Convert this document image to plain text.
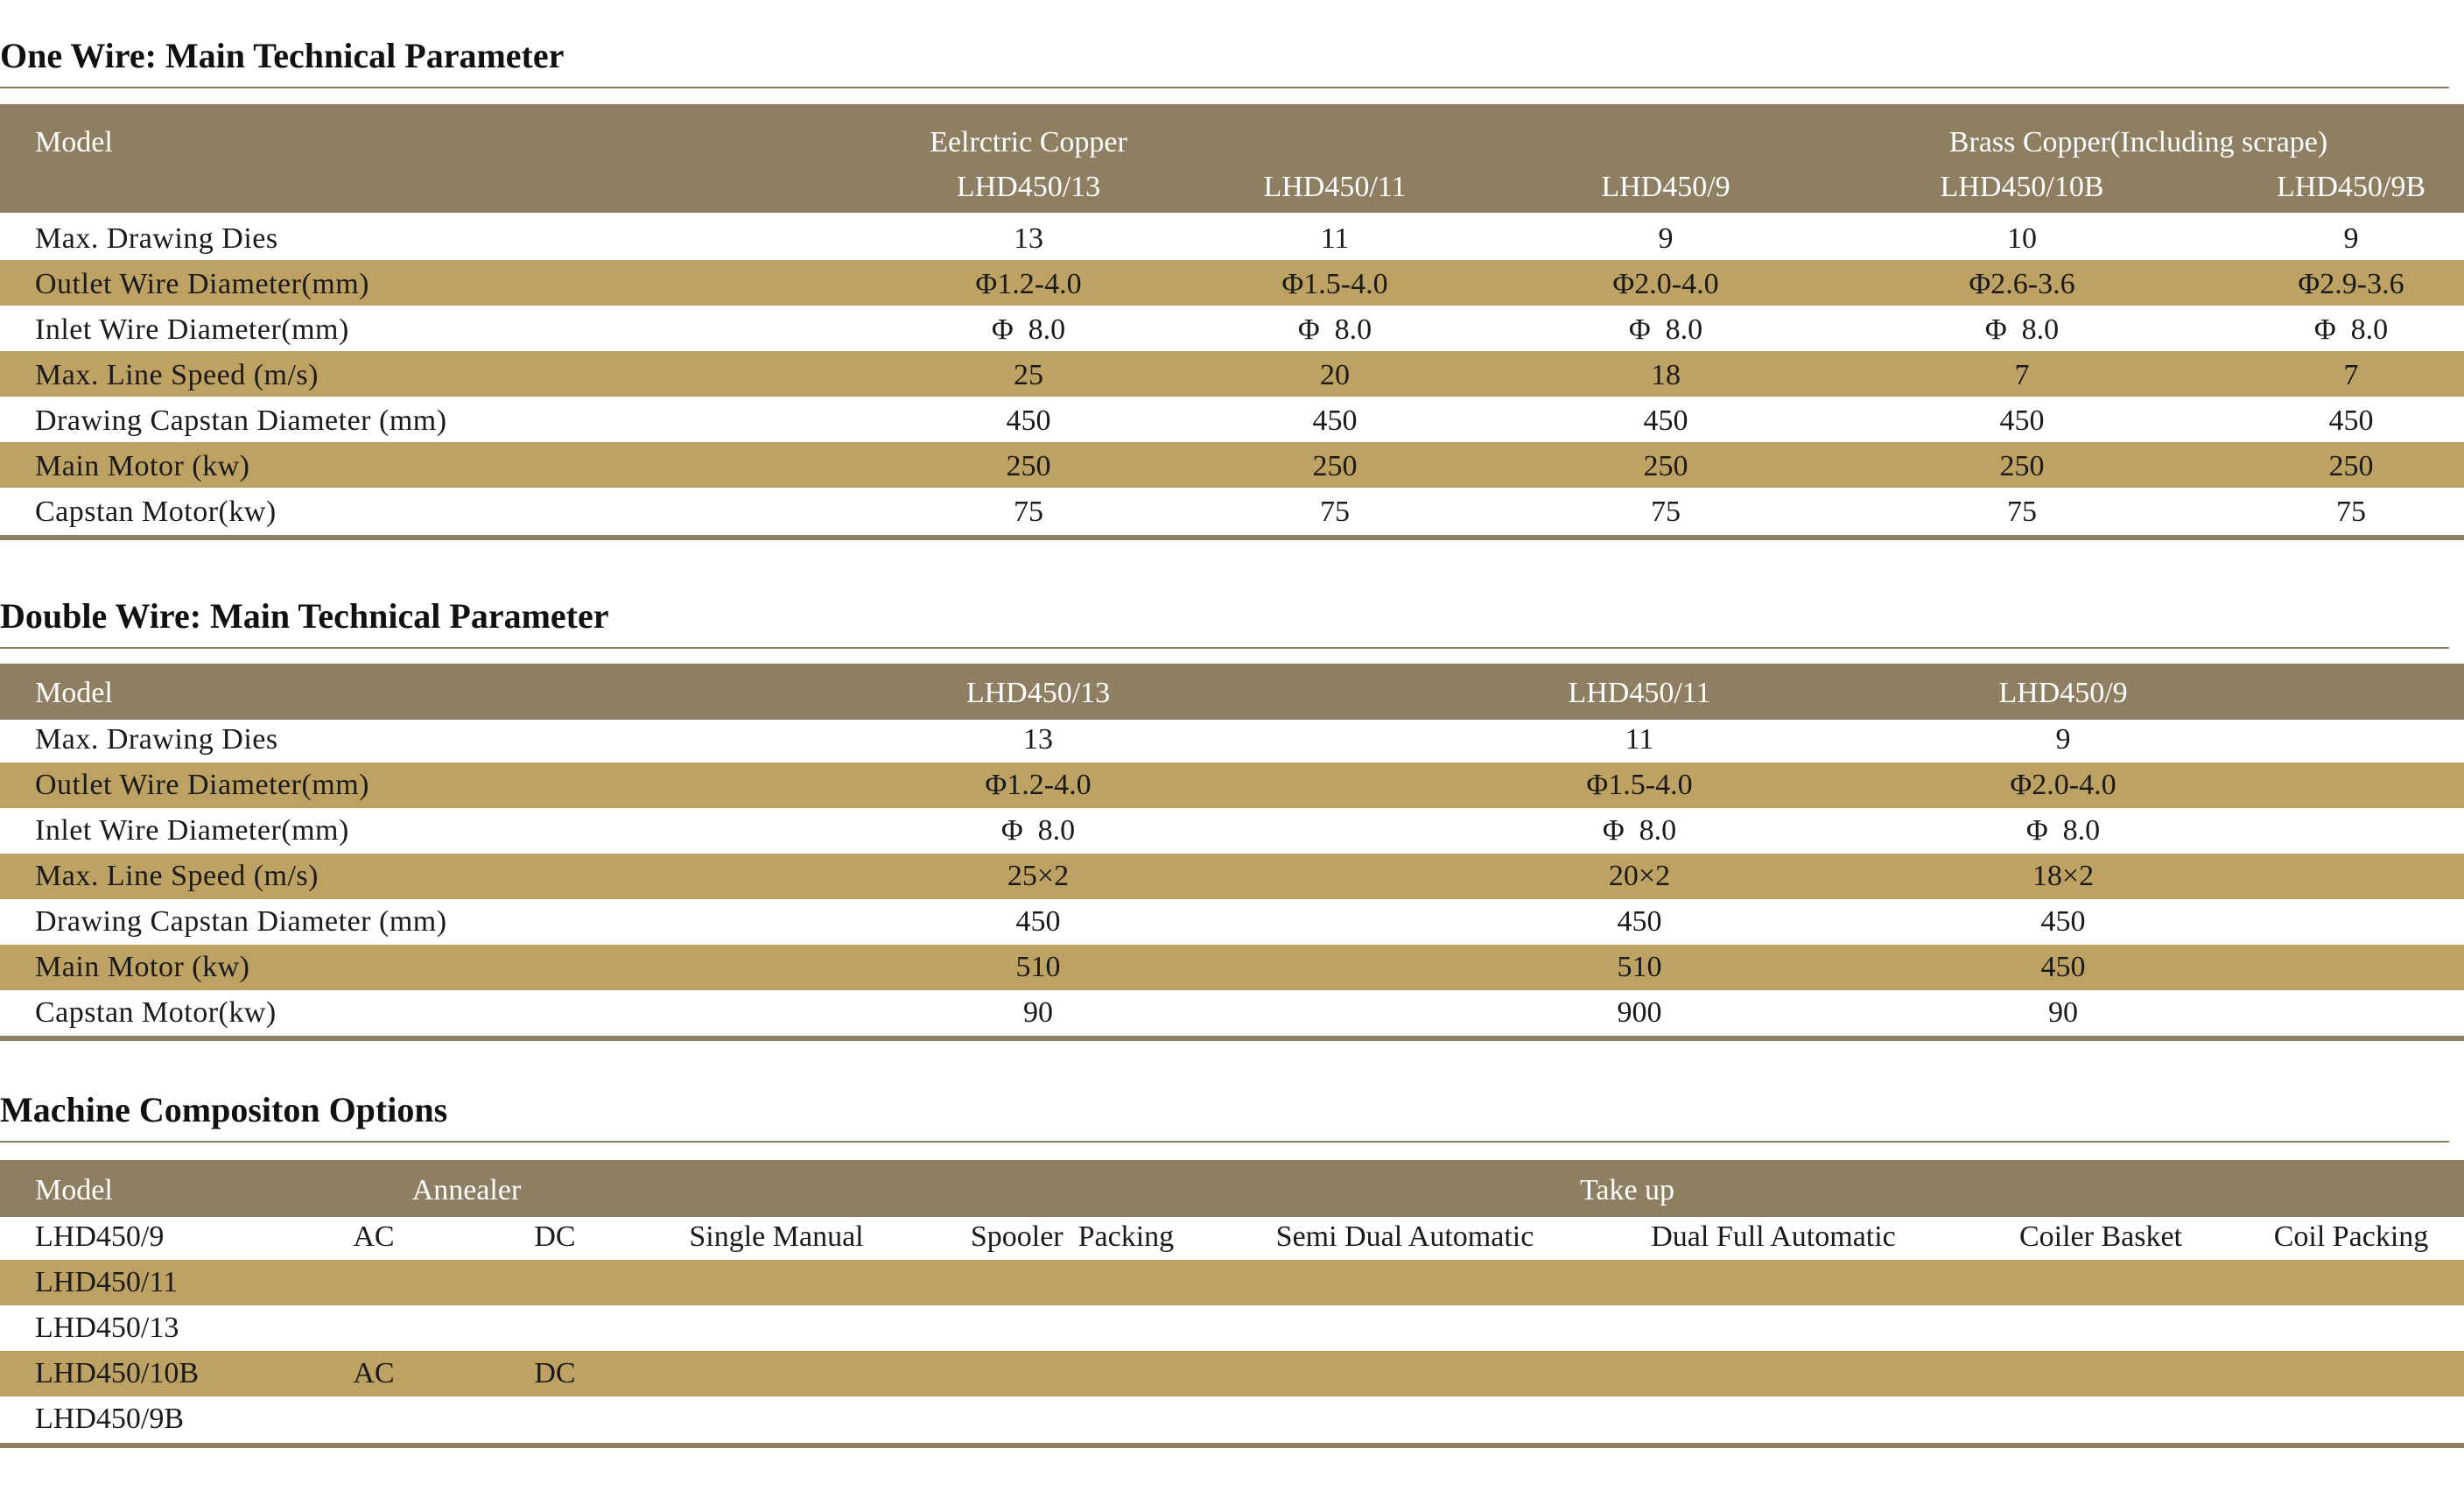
One Wire: Main Technical Parameter
Model	Eelrctric Copper	Brass Copper(Including scrape)
LHD450/13	LHD450/11	LHD450/9	LHD450/10B	LHD450/9B
Max. Drawing Dies	13	11	9	10	9
Outlet Wire Diameter(mm)	Φ1.2-4.0	Φ1.5-4.0	Φ2.0-4.0	Φ2.6-3.6	Φ2.9-3.6
Inlet Wire Diameter(mm)	Φ  8.0	Φ  8.0	Φ  8.0	Φ  8.0	Φ  8.0
Max. Line Speed (m/s)	25	20	18	7	7
Drawing Capstan Diameter (mm)	450	450	450	450	450
Main Motor (kw)	250	250	250	250	250
Capstan Motor(kw)	75	75	75	75	75
Double Wire: Main Technical Parameter
Model	LHD450/13	LHD450/11	LHD450/9
Max. Drawing Dies	13	11	9
Outlet Wire Diameter(mm)	Φ1.2-4.0	Φ1.5-4.0	Φ2.0-4.0
Inlet Wire Diameter(mm)	Φ  8.0	Φ  8.0	Φ  8.0
Max. Line Speed (m/s)	25×2	20×2	18×2
Drawing Capstan Diameter (mm)	450	450	450
Main Motor (kw)	510	510	450
Capstan Motor(kw)	90	900	90
Machine Compositon Options
Model	Annealer	Take up
LHD450/9	AC	DC	Single Manual	Spooler  Packing	Semi Dual Automatic	Dual Full Automatic	Coiler Basket	Coil Packing
LHD450/11
LHD450/13
LHD450/10B	AC	DC
LHD450/9B
